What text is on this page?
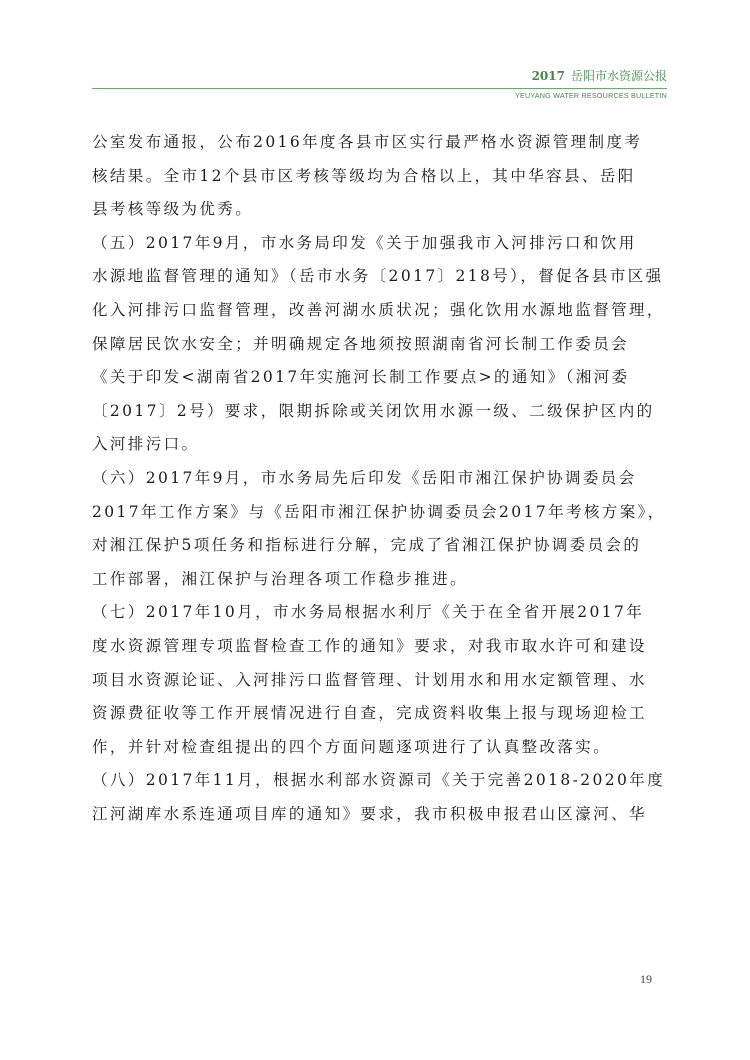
2017 岳阳市水资源公报
YEUYANG WATER RESOURCES BULLETIN
公室发布通报，公布2016年度各县市区实行最严格水资源管理制度考
核结果。全市12个县市区考核等级均为合格以上，其中华容县、岳阳
县考核等级为优秀。
（五）2017年9月，市水务局印发《关于加强我市入河排污口和饮用
水源地监督管理的通知》（岳市水务〔2017〕218号），督促各县市区强
化入河排污口监督管理，改善河湖水质状况；强化饮用水源地监督管理，
保障居民饮水安全；并明确规定各地须按照湖南省河长制工作委员会
《关于印发<湖南省2017年实施河长制工作要点>的通知》（湘河委
〔2017〕2号）要求，限期拆除或关闭饮用水源一级、二级保护区内的
入河排污口。
（六）2017年9月，市水务局先后印发《岳阳市湘江保护协调委员会
2017年工作方案》与《岳阳市湘江保护协调委员会2017年考核方案》，
对湘江保护5项任务和指标进行分解，完成了省湘江保护协调委员会的
工作部署，湘江保护与治理各项工作稳步推进。
（七）2017年10月，市水务局根据水利厅《关于在全省开展2017年
度水资源管理专项监督检查工作的通知》要求，对我市取水许可和建设
项目水资源论证、入河排污口监督管理、计划用水和用水定额管理、水
资源费征收等工作开展情况进行自查，完成资料收集上报与现场迎检工
作，并针对检查组提出的四个方面问题逐项进行了认真整改落实。
（八）2017年11月，根据水利部水资源司《关于完善2018-2020年度
江河湖库水系连通项目库的通知》要求，我市积极申报君山区濠河、华
19
